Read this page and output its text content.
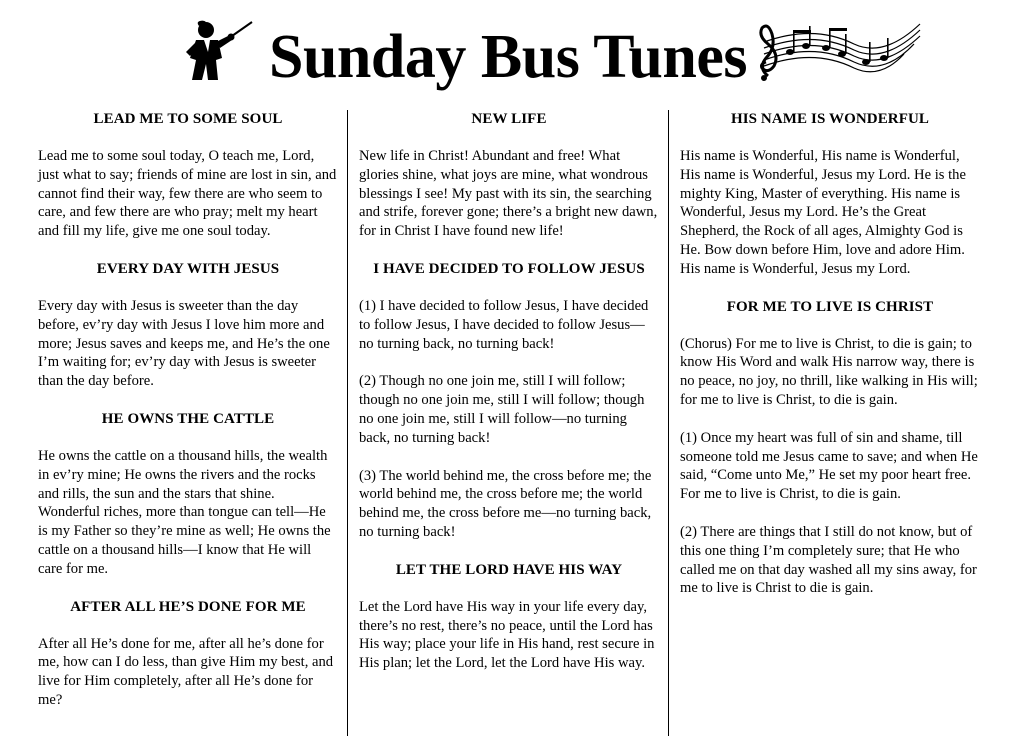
Sunday Bus Tunes
LEAD ME TO SOME SOUL

Lead me to some soul today, O teach me, Lord, just what to say; friends of mine are lost in sin, and cannot find their way, few there are who seem to care, and few there are who pray; melt my heart and fill my life, give me one soul today.

EVERY DAY WITH JESUS

Every day with Jesus is sweeter than the day before, ev’ry day with Jesus I love him more and more; Jesus saves and keeps me, and He’s the one I’m waiting for; ev’ry day with Jesus is sweeter than the day before.

HE OWNS THE CATTLE

He owns the cattle on a thousand hills, the wealth in ev’ry mine; He owns the rivers and the rocks and rills, the sun and the stars that shine. Wonderful riches, more than tongue can tell—He is my Father so they’re mine as well; He owns the cattle on a thousand hills—I know that He will care for me.

AFTER ALL HE’S DONE FOR ME

After all He’s done for me, after all he’s done for me, how can I do less, than give Him my best, and live for Him completely, after all He’s done for me?

NEW LIFE

New life in Christ! Abundant and free! What glories shine, what joys are mine, what wondrous blessings I see! My past with its sin, the searching and strife, forever gone; there’s a bright new dawn, for in Christ I have found new life!

I HAVE DECIDED TO FOLLOW JESUS

(1) I have decided to follow Jesus, I have decided to follow Jesus, I have decided to follow Jesus—no turning back, no turning back!

(2) Though no one join me, still I will follow; though no one join me, still I will follow; though no one join me, still I will follow—no turning back, no turning back!

(3) The world behind me, the cross before me; the world behind me, the cross before me; the world behind me, the cross before me—no turning back, no turning back!

LET THE LORD HAVE HIS WAY

Let the Lord have His way in your life every day, there’s no rest, there’s no peace, until the Lord has His way; place your life in His hand, rest secure in His plan; let the Lord, let the Lord have His way.

HIS NAME IS WONDERFUL

His name is Wonderful, His name is Wonderful, His name is Wonderful, Jesus my Lord. He is the mighty King, Master of everything. His name is Wonderful, Jesus my Lord. He’s the Great Shepherd, the Rock of all ages, Almighty God is He. Bow down before Him, love and adore Him. His name is Wonderful, Jesus my Lord.

FOR ME TO LIVE IS CHRIST

(Chorus) For me to live is Christ, to die is gain; to know His Word and walk His narrow way, there is no peace, no joy, no thrill, like walking in His will; for me to live is Christ, to die is gain.

(1) Once my heart was full of sin and shame, till someone told me Jesus came to save; and when He said, “Come unto Me,” He set my poor heart free. For me to live is Christ, to die is gain.

(2) There are things that I still do not know, but of this one thing I’m completely sure; that He who called me on that day washed all my sins away, for me to live is Christ to die is gain.
